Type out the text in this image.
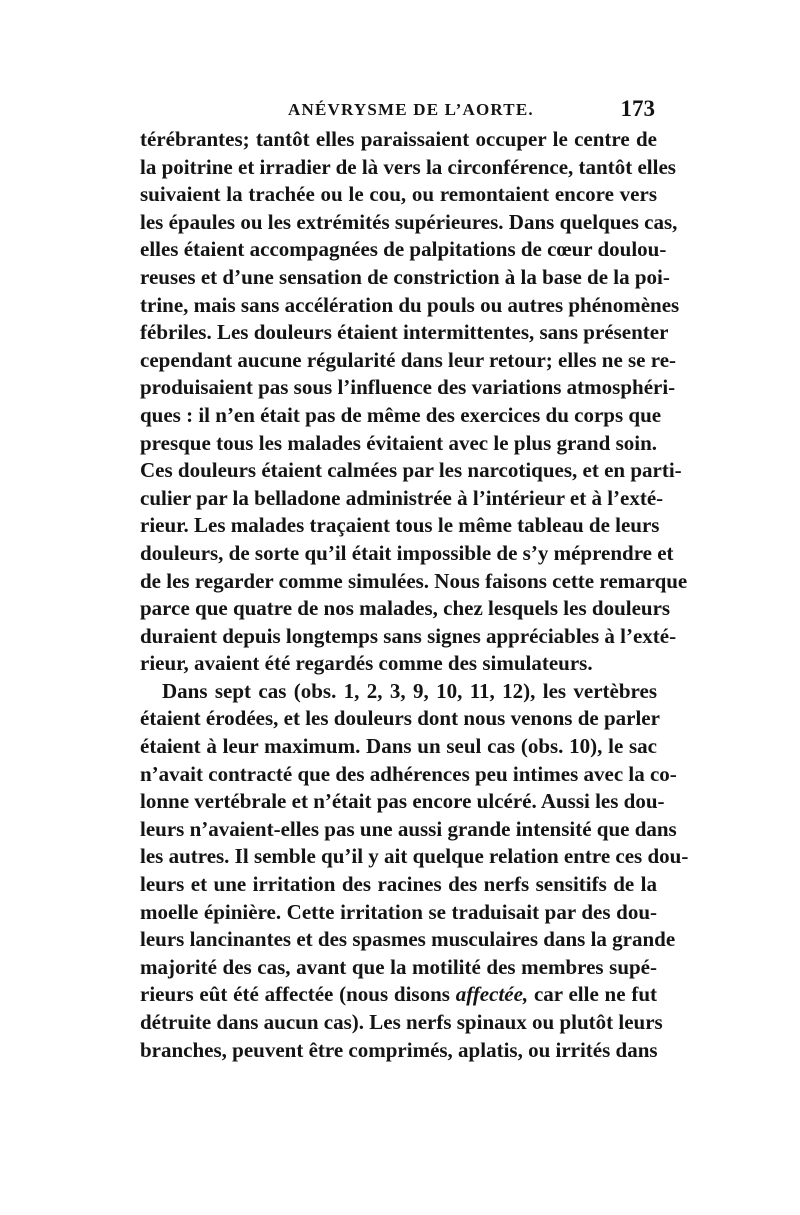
ANÉVRYSME DE L’AORTE.	173
térébrantes; tantôt elles paraissaient occuper le centre de
la poitrine et irradier de là vers la circonférence, tantôt elles
suivaient la trachée ou le cou, ou remontaient encore vers
les épaules ou les extrémités supérieures. Dans quelques cas,
elles étaient accompagnées de palpitations de cœur doulou-
reuses et d’une sensation de constriction à la base de la poi-
trine, mais sans accélération du pouls ou autres phénomènes
fébriles. Les douleurs étaient intermittentes, sans présenter
cependant aucune régularité dans leur retour; elles ne se re-
produisaient pas sous l’influence des variations atmosphéri-
ques : il n’en était pas de même des exercices du corps que
presque tous les malades évitaient avec le plus grand soin.
Ces douleurs étaient calmées par les narcotiques, et en parti-
culier par la belladone administrée à l’intérieur et à l’exté-
rieur. Les malades traçaient tous le même tableau de leurs
douleurs, de sorte qu’il était impossible de s’y méprendre et
de les regarder comme simulées. Nous faisons cette remarque
parce que quatre de nos malades, chez lesquels les douleurs
duraient depuis longtemps sans signes appréciables à l’exté-
rieur, avaient été regardés comme des simulateurs.
Dans sept cas (obs. 1, 2, 3, 9, 10, 11, 12), les vertèbres
étaient érodées, et les douleurs dont nous venons de parler
étaient à leur maximum. Dans un seul cas (obs. 10), le sac
n’avait contracté que des adhérences peu intimes avec la co-
lonne vertébrale et n’était pas encore ulcéré. Aussi les dou-
leurs n’avaient-elles pas une aussi grande intensité que dans
les autres. Il semble qu’il y ait quelque relation entre ces dou-
leurs et une irritation des racines des nerfs sensitifs de la
moelle épinière. Cette irritation se traduisait par des dou-
leurs lancinantes et des spasmes musculaires dans la grande
majorité des cas, avant que la motilité des membres supé-
rieurs eût été affectée (nous disons affectée, car elle ne fut
détruite dans aucun cas). Les nerfs spinaux ou plutôt leurs
branches, peuvent être comprimés, aplatis, ou irrités dans
